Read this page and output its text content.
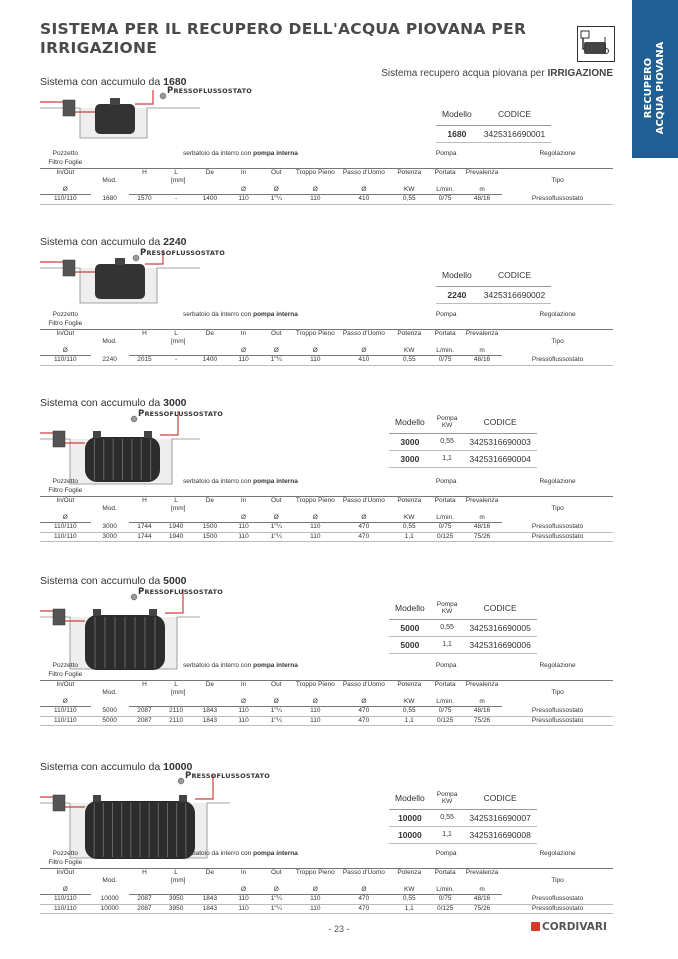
SISTEMA PER IL RECUPERO DELL'ACQUA PIOVANA PER IRRIGAZIONE
RECUPERO
ACQUA PIOVANA
Sistema recupero acqua piovana per IRRIGAZIONE
Sistema con accumulo da 1680
PRESSOFLUSSOSTATO
Modello	CODICE
1680	3425316690001
Pozzetto	serbatoio da interro con pompa interna								Pompa			Regolazione
Filtro Foglie												
In/Out	Mod.	H	L	De	In	Out	Troppo Pieno	Passo d'Uomo	Potenza	Portata	Prevalenza	Tipo
		[mm]										
Ø					Ø	Ø	Ø	Ø	KW	L/min.	m	
110/110	1680	1570	-	1400	110	1"¼	110	410	0,55	0/75	48/16	Pressoflussostato
Sistema con accumulo da 2240
PRESSOFLUSSOSTATO
Modello	CODICE
2240	3425316690002
Pozzetto	serbatoio da interro con pompa interna								Pompa			Regolazione
Filtro Foglie												
In/Out	Mod.	H	L	De	In	Out	Troppo Pieno	Passo d'Uomo	Potenza	Portata	Prevalenza	Tipo
		[mm]										
Ø					Ø	Ø	Ø	Ø	KW	L/min.	m	
110/110	2240	2015	-	1400	110	1"¼	110	410	0,55	0/75	48/16	Pressoflussostato
Sistema con accumulo da 3000
PRESSOFLUSSOSTATO
Modello	Pompa
KW	CODICE
3000	0,55	3425316690003
3000	1,1	3425316690004
Pozzetto	serbatoio da interro con pompa interna								Pompa			Regolazione
Filtro Foglie												
In/Out	Mod.	H	L	De	In	Out	Troppo Pieno	Passo d'Uomo	Potenza	Portata	Prevalenza	Tipo
		[mm]										
Ø					Ø	Ø	Ø	Ø	KW	L/min.	m	
110/110	3000	1744	1940	1500	110	1"¼	110	470	0,55	0/75	48/16	Pressoflussostato
110/110	3000	1744	1940	1500	110	1"¼	110	470	1,1	0/125	75/26	Pressoflussostato
Sistema con accumulo da 5000
PRESSOFLUSSOSTATO
Modello	Pompa
KW	CODICE
5000	0,55	3425316690005
5000	1,1	3425316690006
Pozzetto	serbatoio da interro con pompa interna								Pompa			Regolazione
Filtro Foglie												
In/Out	Mod.	H	L	De	In	Out	Troppo Pieno	Passo d'Uomo	Potenza	Portata	Prevalenza	Tipo
		[mm]										
Ø					Ø	Ø	Ø	Ø	KW	L/min.	m	
110/110	5000	2087	2110	1843	110	1"¼	110	470	0,55	0/75	48/16	Pressoflussostato
110/110	5000	2087	2110	1843	110	1"¼	110	470	1,1	0/125	75/26	Pressoflussostato
Sistema con accumulo da 10000
PRESSOFLUSSOSTATO
Modello	Pompa
KW	CODICE
10000	0,55	3425316690007
10000	1,1	3425316690008
Pozzetto	serbatoio da interro con pompa interna								Pompa			Regolazione
Filtro Foglie												
In/Out	Mod.	H	L	De	In	Out	Troppo Pieno	Passo d'Uomo	Potenza	Portata	Prevalenza	Tipo
		[mm]										
Ø					Ø	Ø	Ø	Ø	KW	L/min.	m	
110/110	10000	2087	3950	1843	110	1"¼	110	470	0,55	0/75	48/16	Pressoflussostato
110/110	10000	2087	3950	1843	110	1"¼	110	470	1,1	0/125	75/26	Pressoflussostato
- 23 -	CORDIVARI
